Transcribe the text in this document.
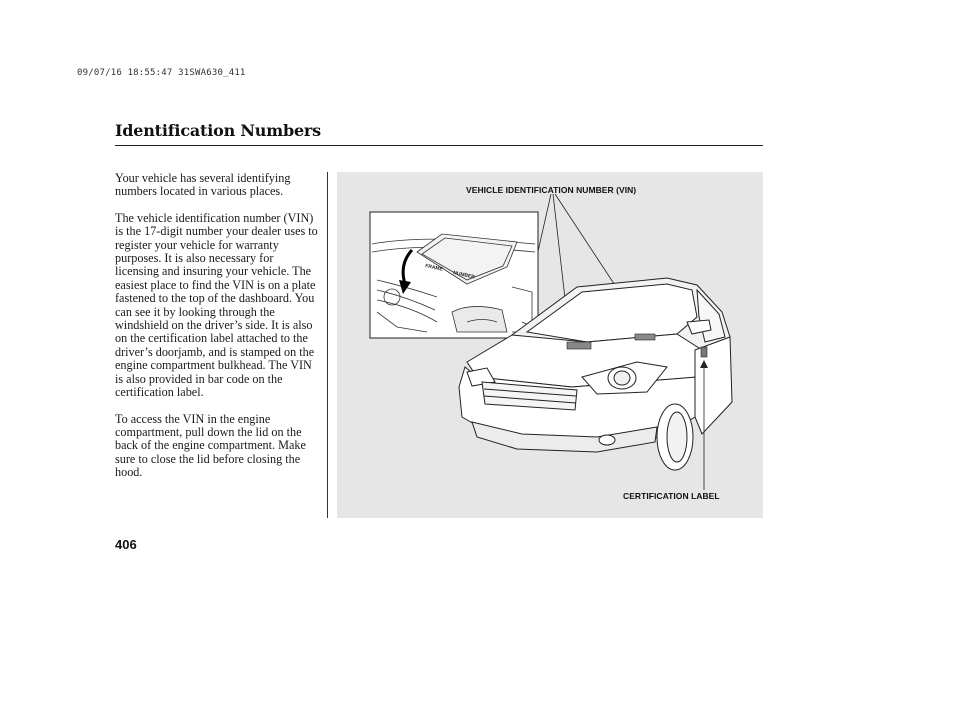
09/07/16 18:55:47 31SWA630_411
Identification Numbers

Your vehicle has several identifying numbers located in various places.

The vehicle identification number (VIN) is the 17-digit number your dealer uses to register your vehicle for warranty purposes. It is also necessary for licensing and insuring your vehicle. The easiest place to find the VIN is on a plate fastened to the top of the dashboard. You can see it by looking through the windshield on the driver’s side. It is also on the certification label attached to the driver’s doorjamb, and is stamped on the engine compartment bulkhead. The VIN is also provided in bar code on the certification label.

To access the VIN in the engine compartment, pull down the lid on the back of the engine compartment. Make sure to close the lid before closing the hood.

FRAME
NUMBER
VEHICLE IDENTIFICATION NUMBER (VIN)
CERTIFICATION LABEL
406
